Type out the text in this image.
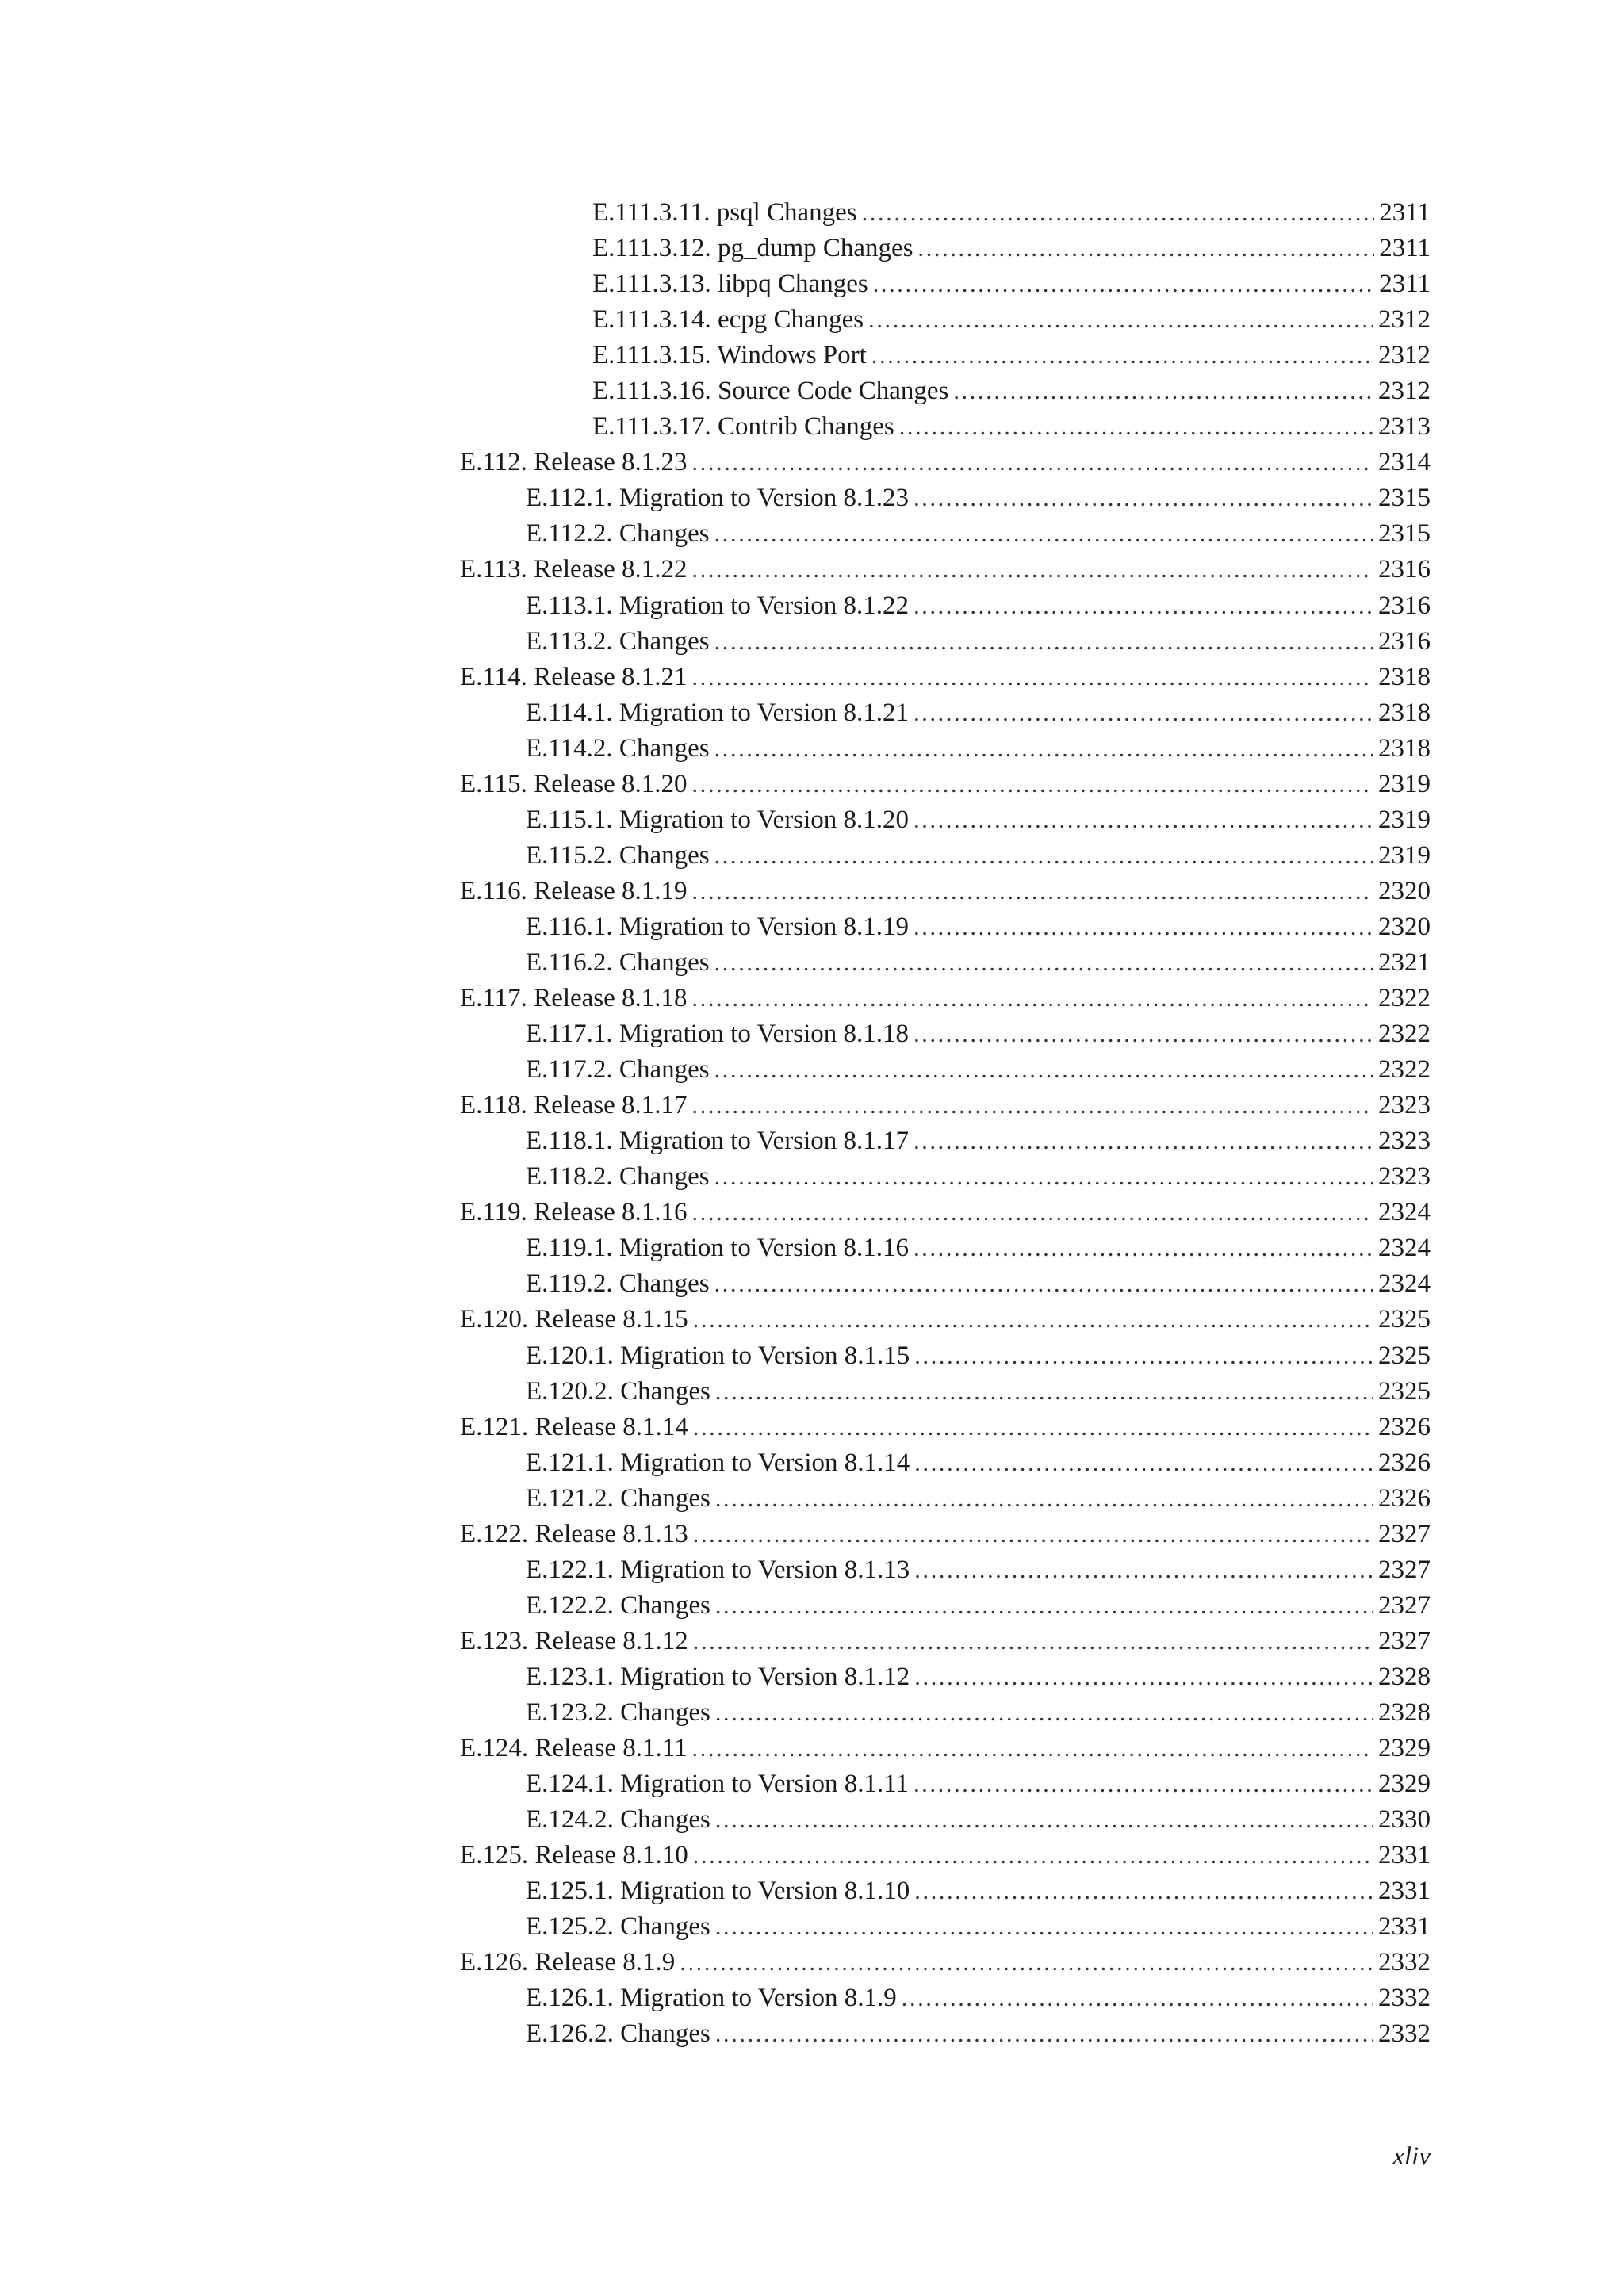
E.111.3.11. psql Changes . . .	2311
E.111.3.12. pg_dump Changes . . .	2311
E.111.3.13. libpq Changes . . .	2311
E.111.3.14. ecpg Changes . . .	2312
E.111.3.15. Windows Port . . .	2312
E.111.3.16. Source Code Changes . . .	2312
E.111.3.17. Contrib Changes . . .	2313
E.112. Release 8.1.23 . . .	2314
E.112.1. Migration to Version 8.1.23 . . .	2315
E.112.2. Changes . . .	2315
E.113. Release 8.1.22 . . .	2316
E.113.1. Migration to Version 8.1.22 . . .	2316
E.113.2. Changes . . .	2316
E.114. Release 8.1.21 . . .	2318
E.114.1. Migration to Version 8.1.21 . . .	2318
E.114.2. Changes . . .	2318
E.115. Release 8.1.20 . . .	2319
E.115.1. Migration to Version 8.1.20 . . .	2319
E.115.2. Changes . . .	2319
E.116. Release 8.1.19 . . .	2320
E.116.1. Migration to Version 8.1.19 . . .	2320
E.116.2. Changes . . .	2321
E.117. Release 8.1.18 . . .	2322
E.117.1. Migration to Version 8.1.18 . . .	2322
E.117.2. Changes . . .	2322
E.118. Release 8.1.17 . . .	2323
E.118.1. Migration to Version 8.1.17 . . .	2323
E.118.2. Changes . . .	2323
E.119. Release 8.1.16 . . .	2324
E.119.1. Migration to Version 8.1.16 . . .	2324
E.119.2. Changes . . .	2324
E.120. Release 8.1.15 . . .	2325
E.120.1. Migration to Version 8.1.15 . . .	2325
E.120.2. Changes . . .	2325
E.121. Release 8.1.14 . . .	2326
E.121.1. Migration to Version 8.1.14 . . .	2326
E.121.2. Changes . . .	2326
E.122. Release 8.1.13 . . .	2327
E.122.1. Migration to Version 8.1.13 . . .	2327
E.122.2. Changes . . .	2327
E.123. Release 8.1.12 . . .	2327
E.123.1. Migration to Version 8.1.12 . . .	2328
E.123.2. Changes . . .	2328
E.124. Release 8.1.11 . . .	2329
E.124.1. Migration to Version 8.1.11 . . .	2329
E.124.2. Changes . . .	2330
E.125. Release 8.1.10 . . .	2331
E.125.1. Migration to Version 8.1.10 . . .	2331
E.125.2. Changes . . .	2331
E.126. Release 8.1.9 . . .	2332
E.126.1. Migration to Version 8.1.9 . . .	2332
E.126.2. Changes . . .	2332
xliv
